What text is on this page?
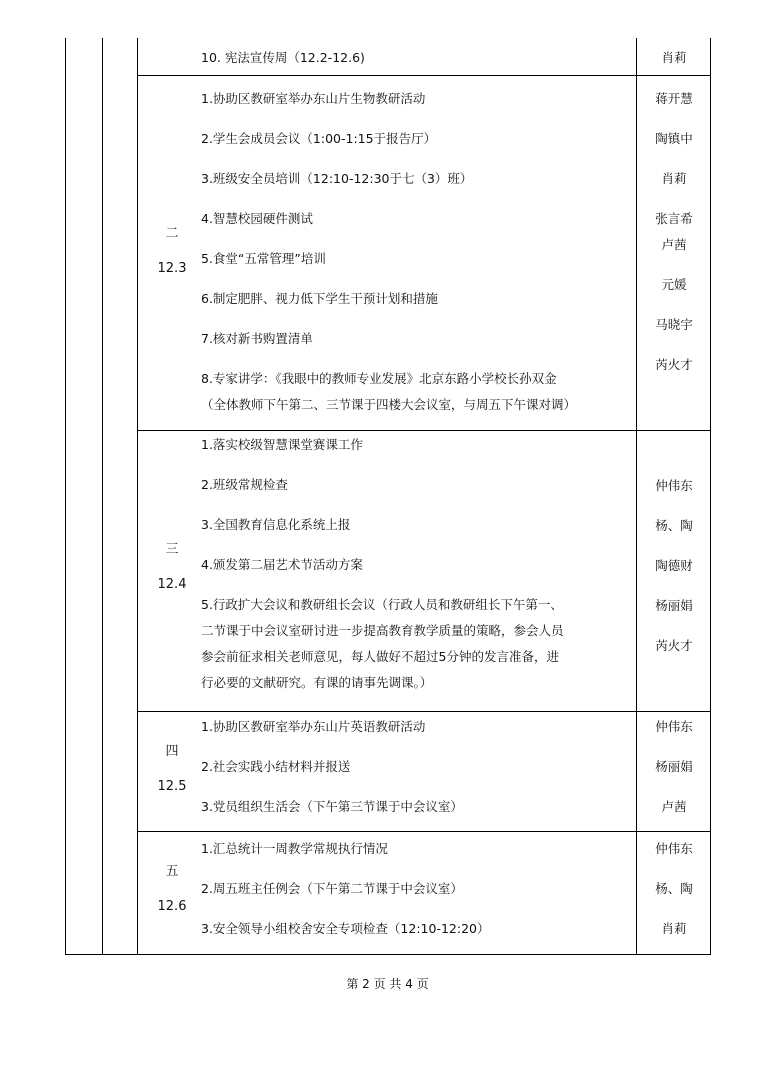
10. 宪法宣传周（12.2-12.6)	肖莉
二
12.3
1.协助区教研室举办东山片生物教研活动
2.学生会成员会议（1:00-1:15于报告厅）
3.班级安全员培训（12:10-12:30于七（3）班）
4.智慧校园硬件测试
5.食堂“五常管理”培训
6.制定肥胖、视力低下学生干预计划和措施
7.核对新书购置清单
8.专家讲学：《我眼中的教师专业发展》北京东路小学校长孙双金
（全体教师下午第二、三节课于四楼大会议室，与周五下午课对调）
蒋开慧
陶镇中
肖莉
张言希
卢茜
元媛
马晓宇
芮火才
三
12.4
1.落实校级智慧课堂赛课工作
2.班级常规检查
3.全国教育信息化系统上报
4.颁发第二届艺术节活动方案
5.行政扩大会议和教研组长会议（行政人员和教研组长下午第一、
二节课于中会议室研讨进一步提高教育教学质量的策略，参会人员
参会前征求相关老师意见，每人做好不超过5分钟的发言准备，进
行必要的文献研究。有课的请事先调课。）
仲伟东
杨、陶
陶德财
杨丽娟
芮火才
四
12.5
1.协助区教研室举办东山片英语教研活动
2.社会实践小结材料并报送
3.党员组织生活会（下午第三节课于中会议室）
仲伟东
杨丽娟
卢茜
五
12.6
1.汇总统计一周教学常规执行情况
2.周五班主任例会（下午第二节课于中会议室）
3.安全领导小组校舍安全专项检查（12:10-12:20）
仲伟东
杨、陶
肖莉
第 2 页 共 4 页
